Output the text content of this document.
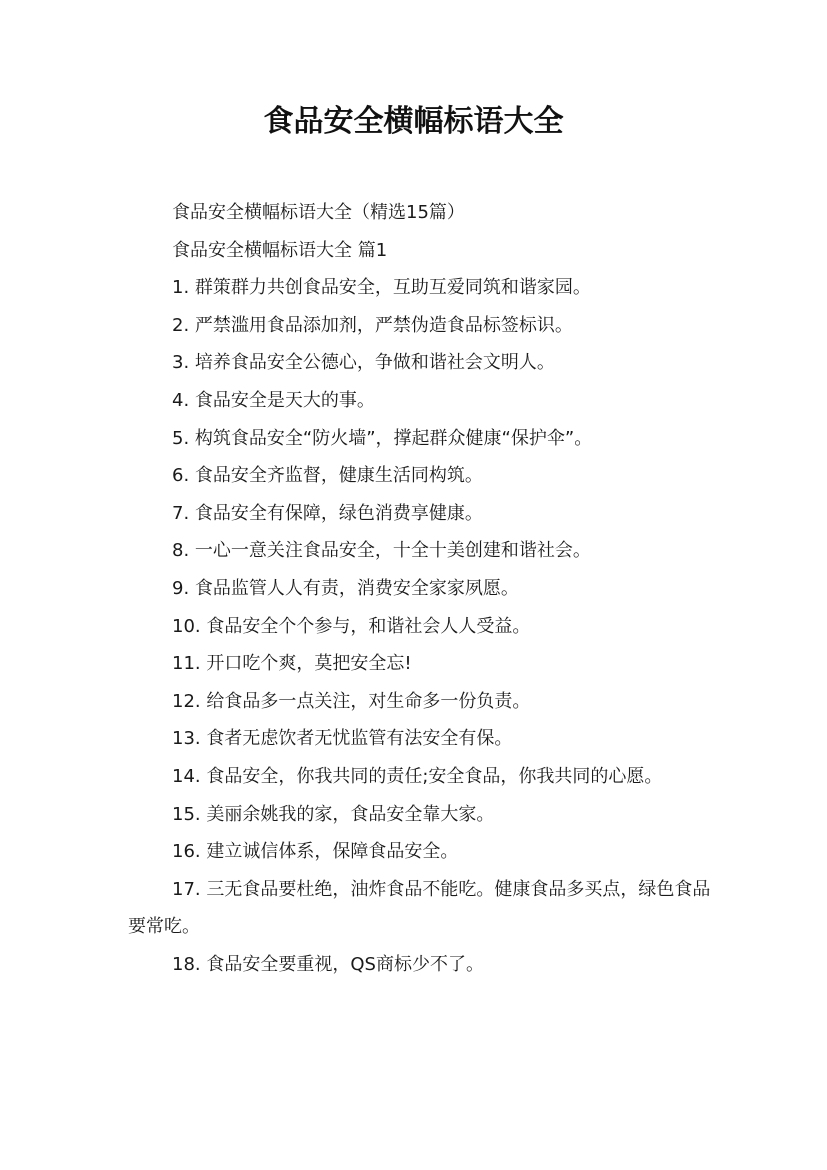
食品安全横幅标语大全

食品安全横幅标语大全（精选15篇）

食品安全横幅标语大全 篇1

1. 群策群力共创食品安全，互助互爱同筑和谐家园。

2. 严禁滥用食品添加剂，严禁伪造食品标签标识。

3. 培养食品安全公德心，争做和谐社会文明人。

4. 食品安全是天大的事。

5. 构筑食品安全“防火墙”，撑起群众健康“保护伞”。

6. 食品安全齐监督，健康生活同构筑。

7. 食品安全有保障，绿色消费享健康。

8. 一心一意关注食品安全，十全十美创建和谐社会。

9. 食品监管人人有责，消费安全家家夙愿。

10. 食品安全个个参与，和谐社会人人受益。

11. 开口吃个爽，莫把安全忘!

12. 给食品多一点关注，对生命多一份负责。

13. 食者无虑饮者无忧监管有法安全有保。

14. 食品安全，你我共同的责任;安全食品，你我共同的心愿。

15. 美丽余姚我的家，食品安全靠大家。

16. 建立诚信体系，保障食品安全。

17. 三无食品要杜绝，油炸食品不能吃。健康食品多买点，绿色食品要常吃。

18. 食品安全要重视，QS商标少不了。
